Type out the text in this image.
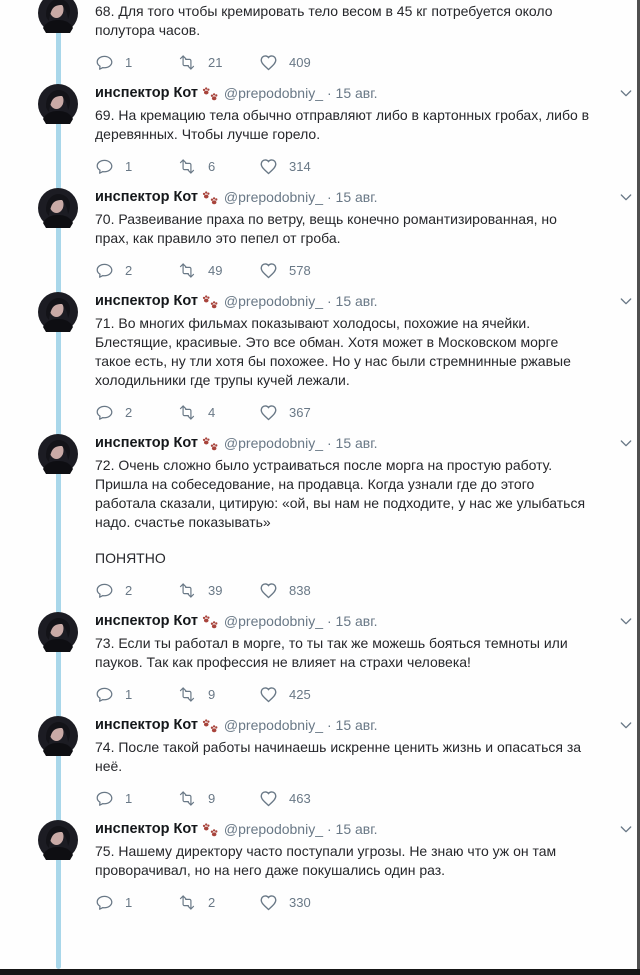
68. Для того чтобы кремировать тело весом в 45 кг потребуется около полутора часов.

1	21	409
инспектор Кот @prepodobniy_ · 15 авг.

69. На кремацию тела обычно отправляют либо в картонных гробах, либо в деревянных. Чтобы лучше горело.

1	6	314
инспектор Кот @prepodobniy_ · 15 авг.

70. Развеивание праха по ветру, вещь конечно романтизированная, но прах, как правило это пепел от гроба.

2	49	578
инспектор Кот @prepodobniy_ · 15 авг.

71. Во многих фильмах показывают холодосы, похожие на ячейки. Блестящие, красивые. Это все обман. Хотя может в Московском морге такое есть, ну тли хотя бы похожее. Но у нас были стремнинные ржавые холодильники где трупы кучей лежали.

2	4	367
инспектор Кот @prepodobniy_ · 15 авг.

72. Очень сложно было устраиваться после морга на простую работу. Пришла на собеседование, на продавца. Когда узнали где до этого работала сказали, цитирую: «ой, вы нам не подходите, у нас же улыбаться надо. счастье показывать»

ПОНЯТНО

2	39	838
инспектор Кот @prepodobniy_ · 15 авг.

73. Если ты работал в морге, то ты так же можешь бояться темноты или пауков. Так как профессия не влияет на страхи человека!

1	9	425
инспектор Кот @prepodobniy_ · 15 авг.

74. После такой работы начинаешь искренне ценить жизнь и опасаться за неё.

1	9	463
инспектор Кот @prepodobniy_ · 15 авг.

75. Нашему директору часто поступали угрозы. Не знаю что уж он там проворачивал, но на него даже покушались один раз.

1	2	330
